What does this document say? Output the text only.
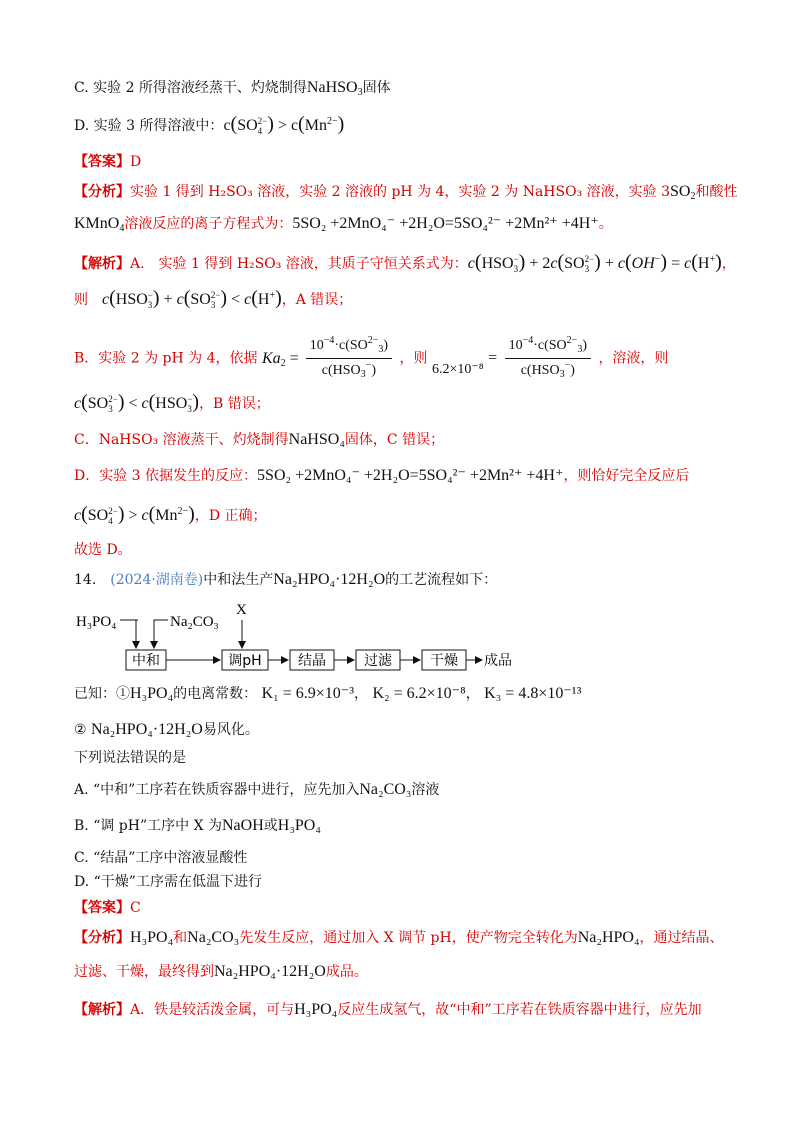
C. 实验 2 所得溶液经蒸干、灼烧制得NaHSO$_3$固体
D. 实验 3 所得溶液中：c(SO 2−
4 ) > $c(Mn^{2-})$
【答案】D
【分析】实验 1 得到 H₂SO₃ 溶液，实验 2 溶液的 pH 为 4，实验 2 为 NaHSO₃ 溶液，实验 $3SO_2$和酸性
KMnO$_4$溶液反应的离子方程式为：5SO₂ +2MnO₄⁻ +2H₂O=5SO₄²⁻ +2Mn²⁺ +4H⁺。
【解析】A.　实验 1 得到 H₂SO₃ 溶液，其质子守恒关系式为：c(HSO −
3 ) + 2c(SO 2−
3 ) + c(OH−) = c(H+)，
则　 c(HSO −
3 ) + c(SO 2−
3 ) < c(H+)，A 错误；
B．实验 2 为 pH 为 4，依据 $Ka_2 = \frac{10^{-4}\cdot c(SO^{2-}_3)}{c(HSO_3^-)}$ ，则 $6.2\times 10^{-8} = \frac{10^{-4}\cdot c(SO^{2-}_3)}{c(HSO_3^-)}$ ，溶液，则
c(SO 2−
3 ) < c(HSO −
3 )，B 错误；
C．NaHSO₃ 溶液蒸干、灼烧制得NaHSO₄固体，C 错误；
D．实验 3 依据发生的反应：5SO₂ +2MnO₄⁻ +2H₂O=5SO₄²⁻ +2Mn²⁺ +4H⁺，则恰好完全反应后
c(SO 2−
4 ) > $c(Mn^{2-})$，D 正确；
故选 D。
14.　 (2024·湖南卷)中和法生产Na₂HPO₄·12H₂O的工艺流程如下：
H₃PO₄	Na₂CO₃
X
中和	调pH	结晶	过滤	干燥 成品
已知：①H₃PO₄的电离常数： K₁ = 6.9×10⁻³， K₂ = 6.2×10⁻⁸， K₃ = 4.8×10⁻¹³
② Na₂HPO₄·12H₂O易风化。
下列说法错误的是
A. “中和”工序若在铁质容器中进行，应先加入Na₂CO₃溶液
B. “调 pH”工序中 X 为NaOH或H₃PO₄
C. “结晶”工序中溶液显酸性
D. “干燥”工序需在低温下进行
【答案】C
【分析】H₃PO₄和Na₂CO₃先发生反应，通过加入 X 调节 pH，使产物完全转化为Na₂HPO₄，通过结晶、
过滤、干燥，最终得到Na₂HPO₄·12H₂O成品。
【解析】A．铁是较活泼金属，可与H₃PO₄反应生成氢气，故“中和”工序若在铁质容器中进行，应先加
